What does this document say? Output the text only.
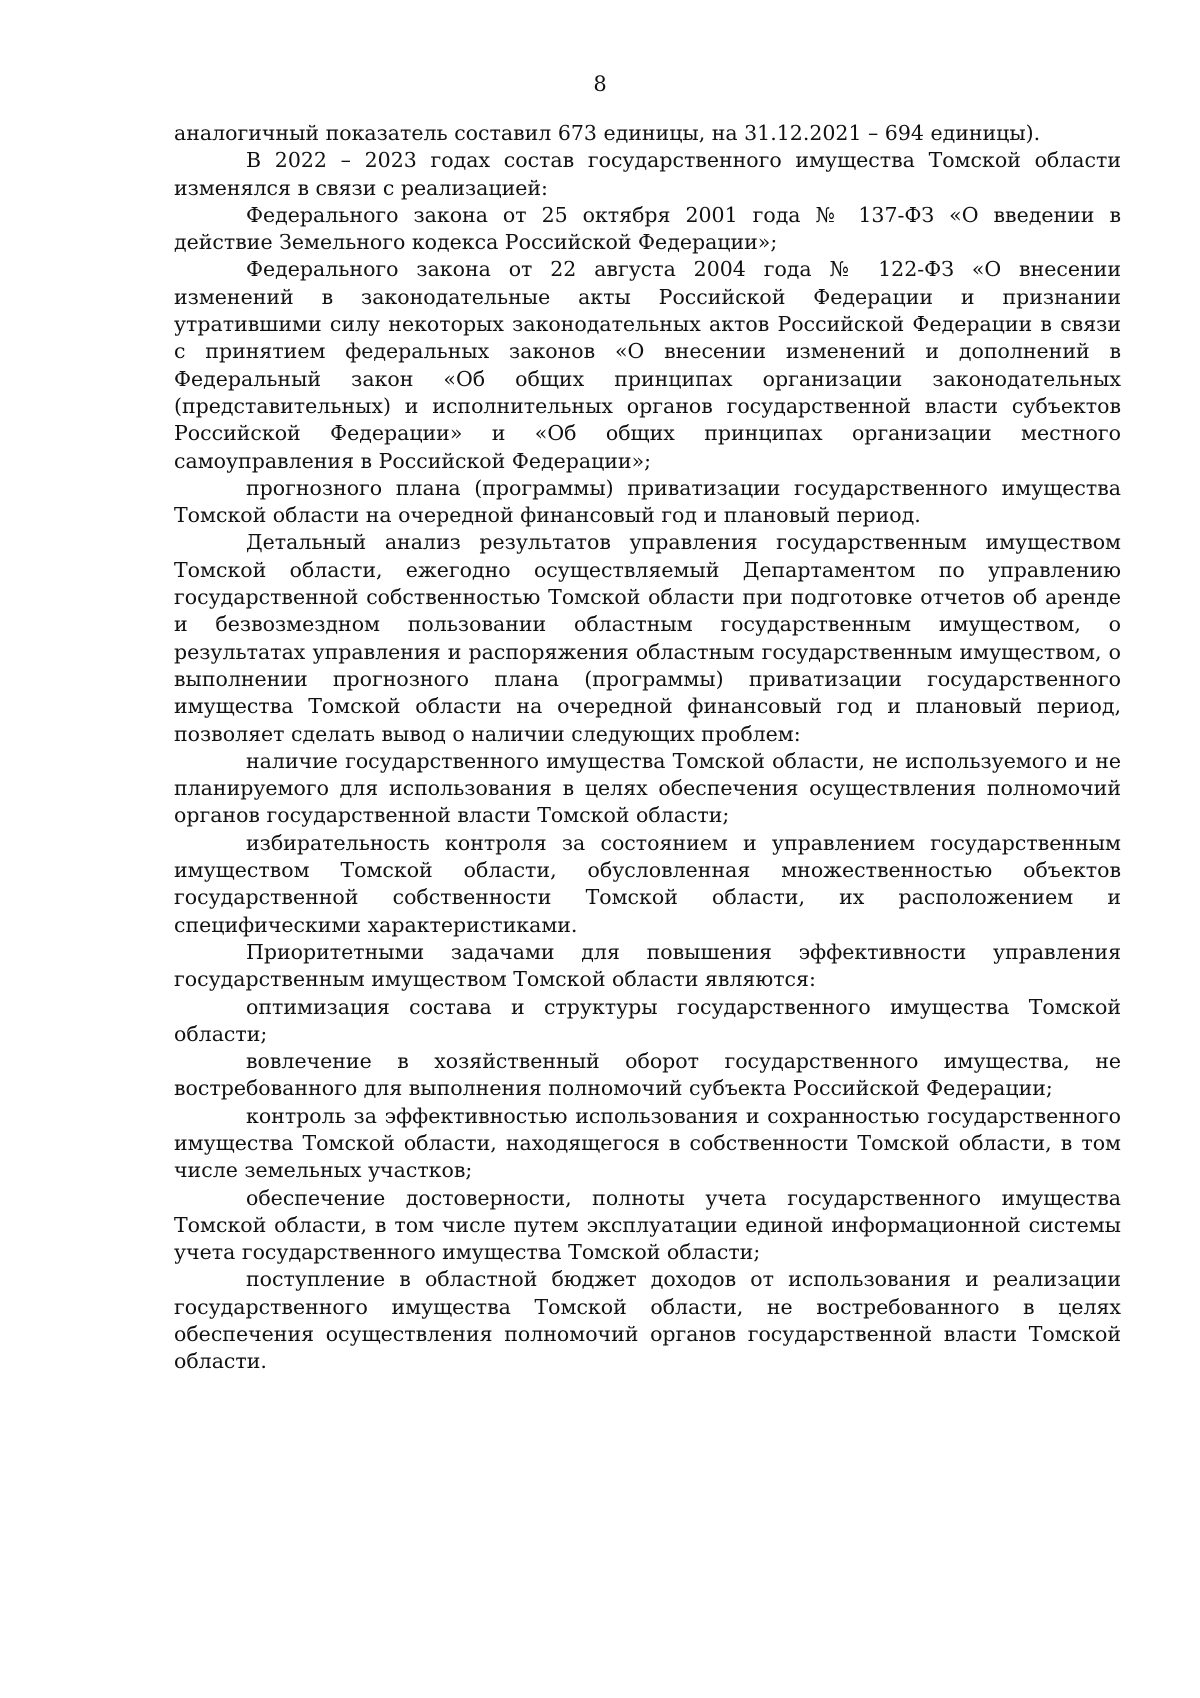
8

аналогичный показатель составил 673 единицы, на 31.12.2021 – 694 единицы).

В 2022 – 2023 годах состав государственного имущества Томской области изменялся в связи с реализацией:

Федерального закона от 25 октября 2001 года № 137-ФЗ «О введении в действие Земельного кодекса Российской Федерации»;

Федерального закона от 22 августа 2004 года № 122-ФЗ «О внесении изменений в законодательные акты Российской Федерации и признании утратившими силу некоторых законодательных актов Российской Федерации в связи с принятием федеральных законов «О внесении изменений и дополнений в Федеральный закон «Об общих принципах организации законодательных (представительных) и исполнительных органов государственной власти субъектов Российской Федерации» и «Об общих принципах организации местного самоуправления в Российской Федерации»;

прогнозного плана (программы) приватизации государственного имущества Томской области на очередной финансовый год и плановый период.

Детальный анализ результатов управления государственным имуществом Томской области, ежегодно осуществляемый Департаментом по управлению государственной собственностью Томской области при подготовке отчетов об аренде и безвозмездном пользовании областным государственным имуществом, о результатах управления и распоряжения областным государственным имуществом, о выполнении прогнозного плана (программы) приватизации государственного имущества Томской области на очередной финансовый год и плановый период, позволяет сделать вывод о наличии следующих проблем:

наличие государственного имущества Томской области, не используемого и не планируемого для использования в целях обеспечения осуществления полномочий органов государственной власти Томской области;

избирательность контроля за состоянием и управлением государственным имуществом Томской области, обусловленная множественностью объектов государственной собственности Томской области, их расположением и специфическими характеристиками.

Приоритетными задачами для повышения эффективности управления государственным имуществом Томской области являются:

оптимизация состава и структуры государственного имущества Томской области;

вовлечение в хозяйственный оборот государственного имущества, не востребованного для выполнения полномочий субъекта Российской Федерации;

контроль за эффективностью использования и сохранностью государственного имущества Томской области, находящегося в собственности Томской области, в том числе земельных участков;

обеспечение достоверности, полноты учета государственного имущества Томской области, в том числе путем эксплуатации единой информационной системы учета государственного имущества Томской области;

поступление в областной бюджет доходов от использования и реализации государственного имущества Томской области, не востребованного в целях обеспечения осуществления полномочий органов государственной власти Томской области.
